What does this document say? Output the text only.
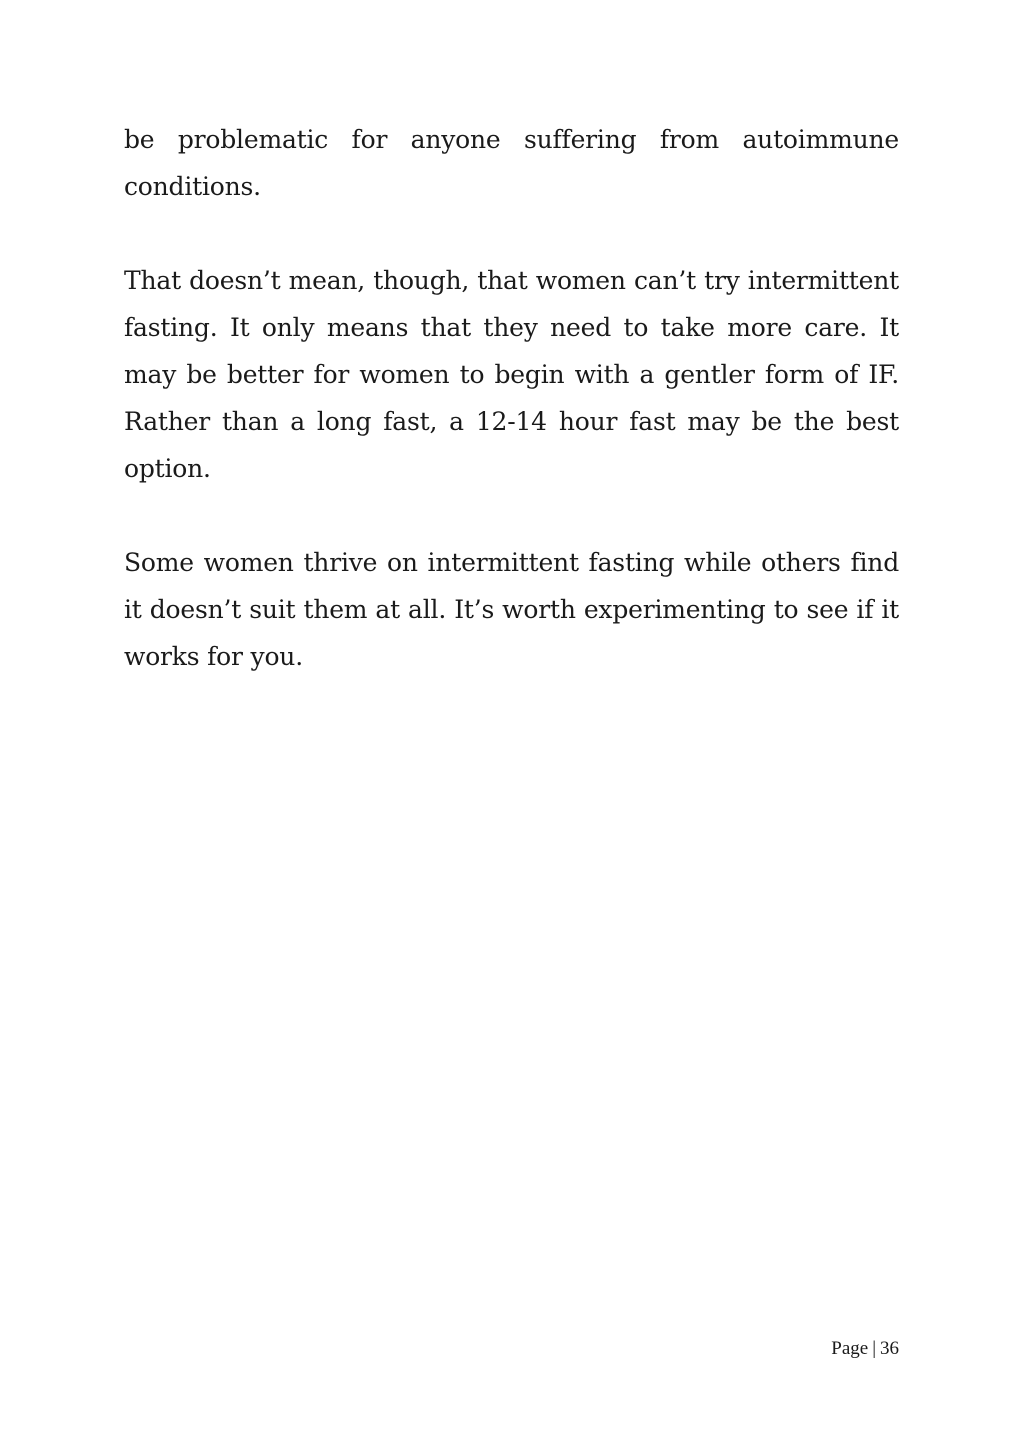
be problematic for anyone suffering from autoimmune conditions.

That doesn’t mean, though, that women can’t try intermittent fasting. It only means that they need to take more care. It may be better for women to begin with a gentler form of IF. Rather than a long fast, a 12-14 hour fast may be the best option.

Some women thrive on intermittent fasting while others find it doesn’t suit them at all. It’s worth experimenting to see if it works for you.

Page | 36
